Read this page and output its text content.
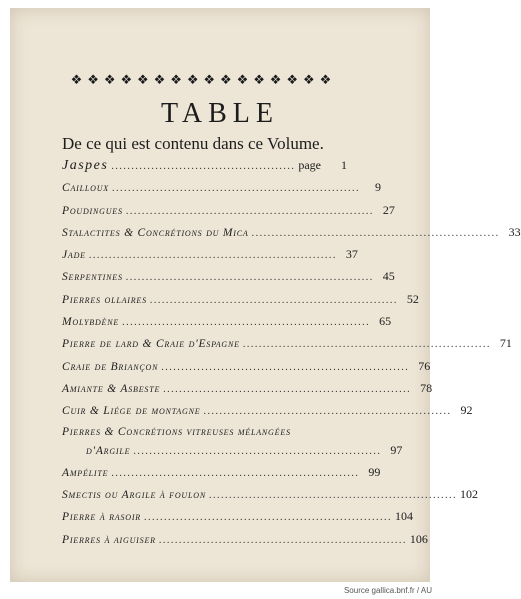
❖ ❖ ❖ ❖ ❖ ❖ ❖ ❖ ❖ ❖ ❖ ❖ ❖ ❖ ❖ ❖
TABLE
De ce qui est contenu dans ce Volume.
Jaspes .............................................. page	1
Cailloux ..............................................................	9
Poudingues .............................................................. 27
Stalactites & Concrétions du Mica .............................................................. 33
Jade .............................................................. 37
Serpentines .............................................................. 45
Pierres ollaires .............................................................. 52
Molybdène .............................................................. 65
Pierre de lard & Craie d'Espagne .............................................................. 71
Craie de Briançon .............................................................. 76
Amiante & Asbeste .............................................................. 78
Cuir & Liége de montagne .............................................................. 92
Pierres & Concrétions vitreuses mélangées
d'Argile .............................................................. 97
Ampélite .............................................................. 99
Smectis ou Argile à foulon .............................................................. 102
Pierre à rasoir .............................................................. 104
Pierres à aiguiser .............................................................. 106
Source gallica.bnf.fr / AU
